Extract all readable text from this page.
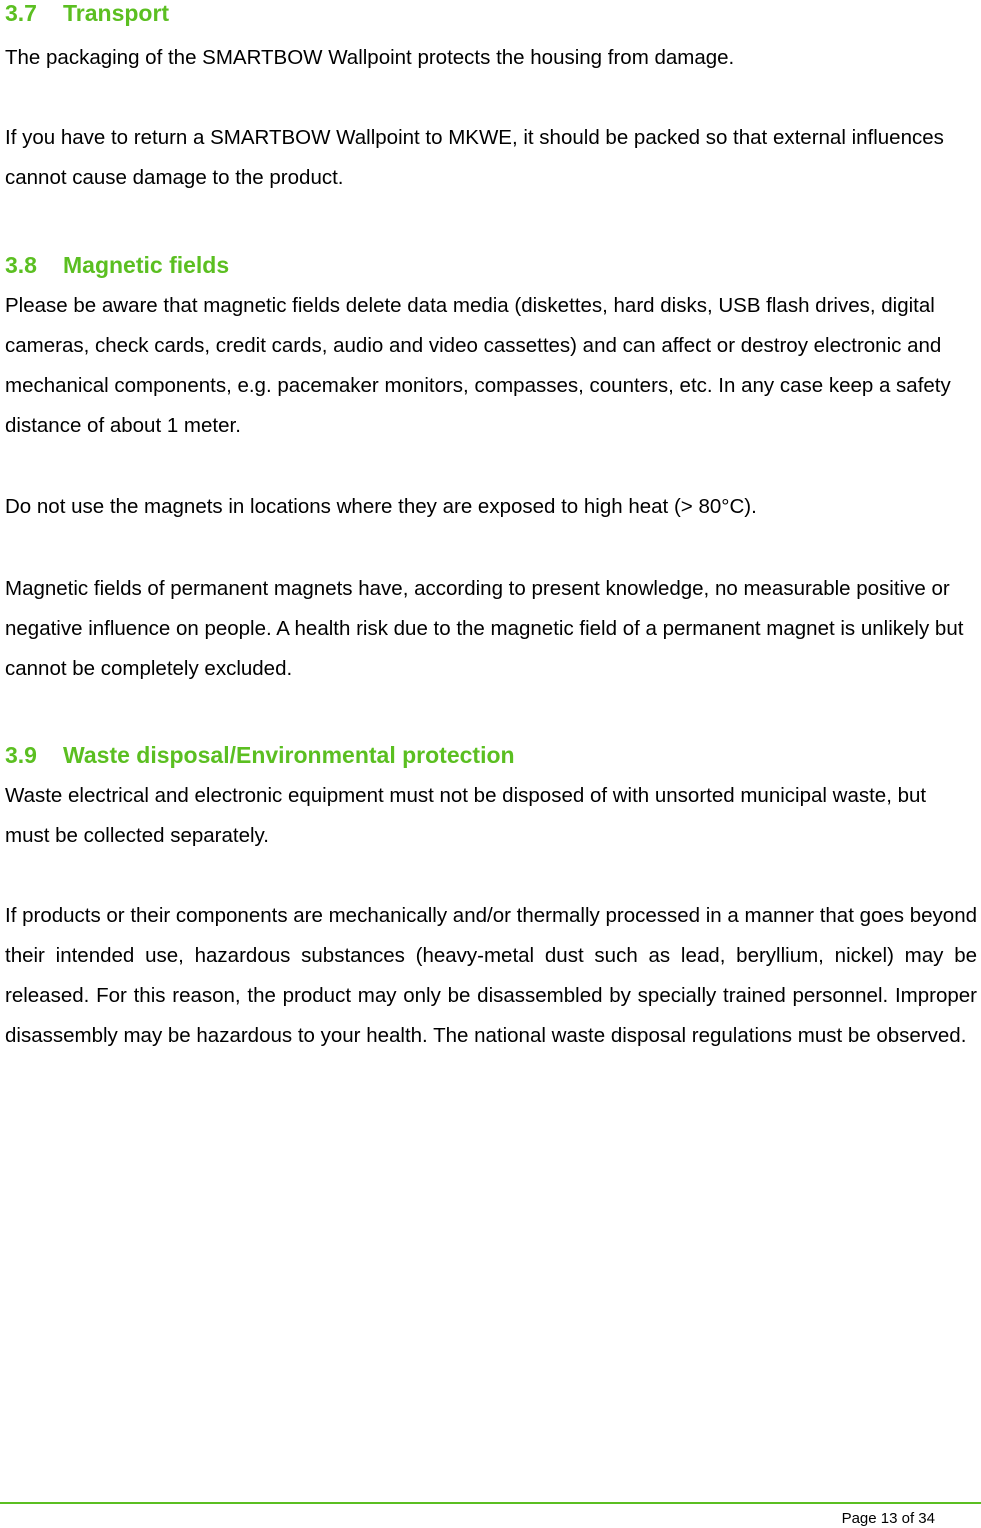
3.7	Transport

The packaging of the SMARTBOW Wallpoint protects the housing from damage.

If you have to return a SMARTBOW Wallpoint to MKWE, it should be packed so that external influences cannot cause damage to the product.

3.8	Magnetic fields

Please be aware that magnetic fields delete data media (diskettes, hard disks, USB flash drives, digital cameras, check cards, credit cards, audio and video cassettes) and can affect or destroy electronic and mechanical components, e.g. pacemaker monitors, compasses, counters, etc. In any case keep a safety distance of about 1 meter.

Do not use the magnets in locations where they are exposed to high heat (> 80°C).

Magnetic fields of permanent magnets have, according to present knowledge, no measurable positive or negative influence on people. A health risk due to the magnetic field of a permanent magnet is unlikely but cannot be completely excluded.

3.9	Waste disposal/Environmental protection

Waste electrical and electronic equipment must not be disposed of with unsorted municipal waste, but must be collected separately.

If products or their components are mechanically and/or thermally processed in a manner that goes beyond their intended use, hazardous substances (heavy-metal dust such as lead, beryllium, nickel) may be released. For this reason, the product may only be disassembled by specially trained personnel. Improper disassembly may be hazardous to your health. The national waste disposal regulations must be observed.

Page 13 of 34
